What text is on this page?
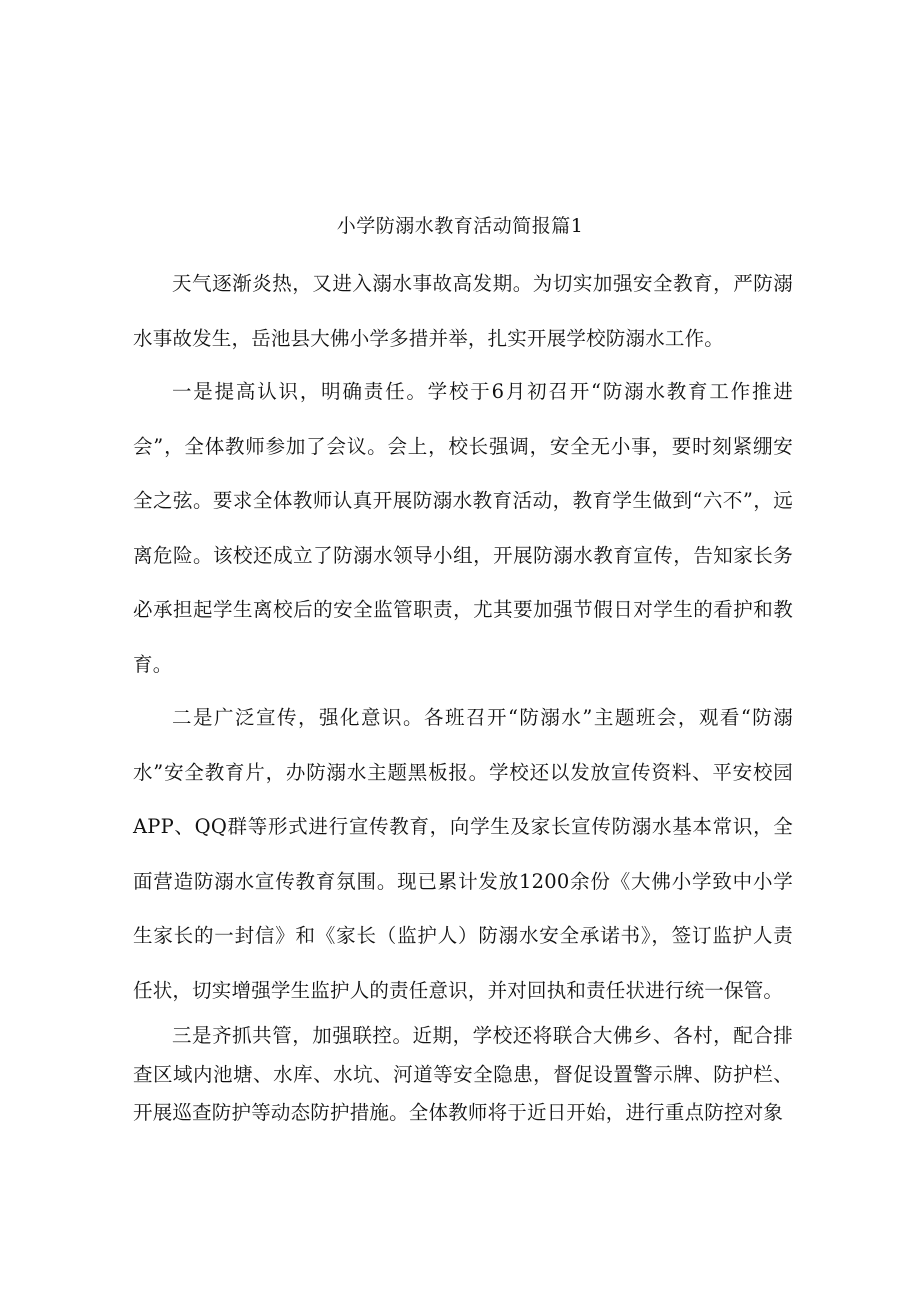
小学防溺水教育活动简报篇1

天气逐渐炎热，又进入溺水事故高发期。为切实加强安全教育，严防溺水事故发生，岳池县大佛小学多措并举，扎实开展学校防溺水工作。

一是提高认识，明确责任。学校于6月初召开“防溺水教育工作推进会”，全体教师参加了会议。会上，校长强调，安全无小事，要时刻紧绷安全之弦。要求全体教师认真开展防溺水教育活动，教育学生做到“六不”，远离危险。该校还成立了防溺水领导小组，开展防溺水教育宣传，告知家长务必承担起学生离校后的安全监管职责，尤其要加强节假日对学生的看护和教育。

二是广泛宣传，强化意识。各班召开“防溺水”主题班会，观看“防溺水”安全教育片，办防溺水主题黑板报。学校还以发放宣传资料、平安校园APP、QQ群等形式进行宣传教育，向学生及家长宣传防溺水基本常识，全面营造防溺水宣传教育氛围。现已累计发放1200余份《大佛小学致中小学生家长的一封信》和《家长（监护人）防溺水安全承诺书》，签订监护人责任状，切实增强学生监护人的责任意识，并对回执和责任状进行统一保管。

三是齐抓共管，加强联控。近期，学校还将联合大佛乡、各村，配合排查区域内池塘、水库、水坑、河道等安全隐患，督促设置警示牌、防护栏、开展巡查防护等动态防护措施。全体教师将于近日开始，进行重点防控对象
